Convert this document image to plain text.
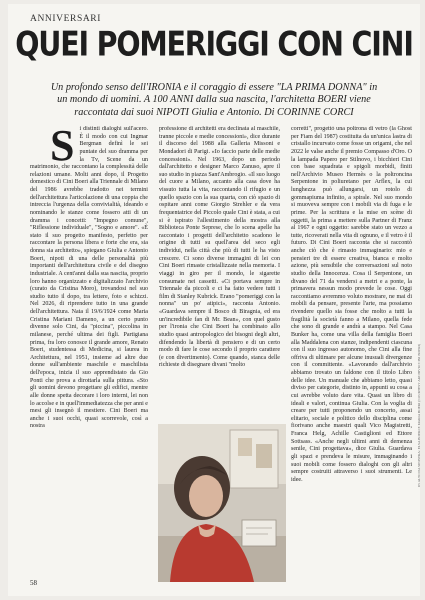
ANNIVERSARI
QUEI POMERIGGI CON CINI
Un profondo senso dell'IRONIA e il coraggio di essere "LA PRIMA DONNA" in un mondo di uomini. A 100 ANNI dalla sua nascita, l'architetta BOERI viene raccontata dai suoi NIPOTI Giulia e Antonio. Di CORINNE CORCI
S i distinti dialoghi sull'acero. È il modo con cui Ingmar Bergman definì le sei puntate del suo dramma per la Tv, Scene da un matrimonio, che raccontano la complessità delle relazioni umane. Molti anni dopo, il Progetto domestico di Cini Boeri alla Triennale di Milano del 1986 avrebbe tradotto nei termini dell'architettura l'articolazione di una coppia che intreccia l'urgenza della convivialità, ideando e nominando le stanze come fossero atti di un dramma i concetti: "Impegno comune", "Riflessione individuale", "Sogno e amore". «È stato il suo progetto manifesto, perfetto per raccontare la persona libera e forte che era, sia donna sia architetto», spiegano Giulia e Antonio Boeri, nipoti di una delle personalità più importanti dell'architettura civile e del disegno industriale. A cent'anni dalla sua nascita, proprio loro hanno organizzato e digitalizzato l'archivio (curato da Cristina Moro), trovandosi nel suo studio tutto il dopo, tra lettere, foto e schizzi. Nel 2026, di riprendere tutto in una grande dell'architettura. Nata il 19/6/1924 come Maria Cristina Mariani Dameno, a un certo punto divenne solo Cini, da "piccina", piccolina in milanese, perché ultima dei figli. Partigiana prima, fra loro conosce il grande amore, Renato Boeri, studentessa di Medicina, si laurea in Architettura, nel 1951, insieme ad altre due donne sull'ambiente maschile e maschilista dell'epoca, inizia il suo apprendistato da Gio Ponti che prova a dirottarla sulla pittura. «Sto gli uomini devono progettare gli edifici, mentre alle donne spetta decorare i loro interni, lei non lo accolse e in quell'immediatezza che per anni e mesi gli insegnò il mestiere. Cini Boeri ma anche i suoi occhi, quasi scorrevole, così a nostra
professione di architetti era declinata al maschile, tranne piccole e medie concessioni», dice durante il discorso del 1988 alla Galleria Missoni e Mondadori di Parigi. «Io faccio parte delle medie concessioni». Nel 1963, dopo un periodo dall'architetto e designer Marco Zanuso, apre il suo studio in piazza Sant'Ambrogio. «Il suo luogo del cuore a Milano, accanto alla casa dove ha vissuto tutta la vita, raccontando il rifugio e un quello spazio con la sua quarta, con ciò spazio di ospitare anni come Giorgio Strehler e da vera frequentatrice del Piccolo quale Cini è stata, a cui si è ispirato l'allestimento della mostra alla Biblioteca Ponte Seprese, che lo scena apelle ha raccontato i progetti dell'architetto scadono le origine di tutti su quell'area del seco egli individui, nella città che più di tutti le ha visto crescere. Ci sono diverse immagini di lei con Cini Boeri rimaste cristallizzate nella memoria. I viaggi in giro per il mondo, le sigarette consumate nei cassetti. «Ci portava sempre in Triennale da piccoli e ci ha fatto vedere tutti i film di Stanley Kubrick. Erano "pomeriggi con la nonna" un po' atipici», racconta Antonio. «Guardava sempre il Bosco di Biragnia, ed era un'incredibile fan di Mr. Bean», con quel gusto per l'ironia che Cini Boeri ha combinato allo studio quasi antropologico dei bisogni degli altri, difendendo la libertà di pensiero e di un certo modo di fare le cose secondo il proprio carattere (e con divertimento). Come quando, stanca delle richieste di disegnare divani "molto
corretti", progettò una poltrona di vetro (la Ghost per Fiam del 1987) costituita da un'unica lastra di cristallo incurvato come fosse un origami, che nel 2022 le valse anche il premio Compasso d'Oro. O la lampada Papero per Stilnovo, i bicchieri Cini con base squadrata e spigoli morbidi, finiti nell'Archivio Museo Hermès o la poltroncina Serpentone in poliuretano per Arflex, la cui lunghezza può allungarsi, un rotolo di gommapiuma infinito, a spirale. Nel suo mondo si muoveva sempre con i mobili via di fuga e le prime. Per la scrittura e la mise en scène di oggetti, la prima a mettere sulla Partner di Franz al 1967 e ogni oggetto: sarebbe stato un vezzo a tutte, ricoverati nella vita di ognuno, e il vetro è il futuro. Di Cini Boeri racconta che si raccontò anche ciò che è rimasto immaginario: mio e pensieri tre di essere creativa, bianca e molto azione, più sensibile che conversazioni sul noto studio della Innocenza. Cosa il Serpentone, un divano del 71 da vendersi a metri e a ponte, la primavera nessun modo prevede le cose. Oggi raccontiamo avremmo voluto mostrare, ne mai di mobili da pensare, presente l'arte, ma possiamo rivendere quello sia fosse che molto a tutti la fragilità la società fanno a Milano, quella fede che sono di grande e andrà a stampo. Nel Casa Bunker ha, come una villa della famiglia Boeri alla Maddalena con stanze, indipendenti ciascuna con il suo ingresso autonomo, che Cini alla fine offriva di ultimare per alcune inusuali divergenze con il committente. «Lavorando dall'archivio abbiamo trovato un faldone con il titolo Libro delle idee. Un manuale che abbiamo letto, quasi diviso per categorie, distinto in, appunti su cosa a cui avrebbe voluto dare vita. Quasi un libro di ideali e valori, continua Giulia. Con la voglia di creare per tutti proponendo un concerto, assai elitario, sociale e politico dello disciplina come fiorivano anche maestri quali Vico Magistretti, Franca Helg, Achille Castiglioni ed Ettore Sottsass. «Anche negli ultimi anni di demenza senile, Cini progettava», dice Giulia. Guardava gli spazi e prendeva le misure, immaginando i suoi mobili come fossero dialoghi con gli altri sempre costruiti attraverso i suoi strumenti. Le idee.
58
IN ALTO DA SINISTRA: ELSA BOERI E MARIA BOERI (COURTESY ARCHIVIO CINI BOERI)
